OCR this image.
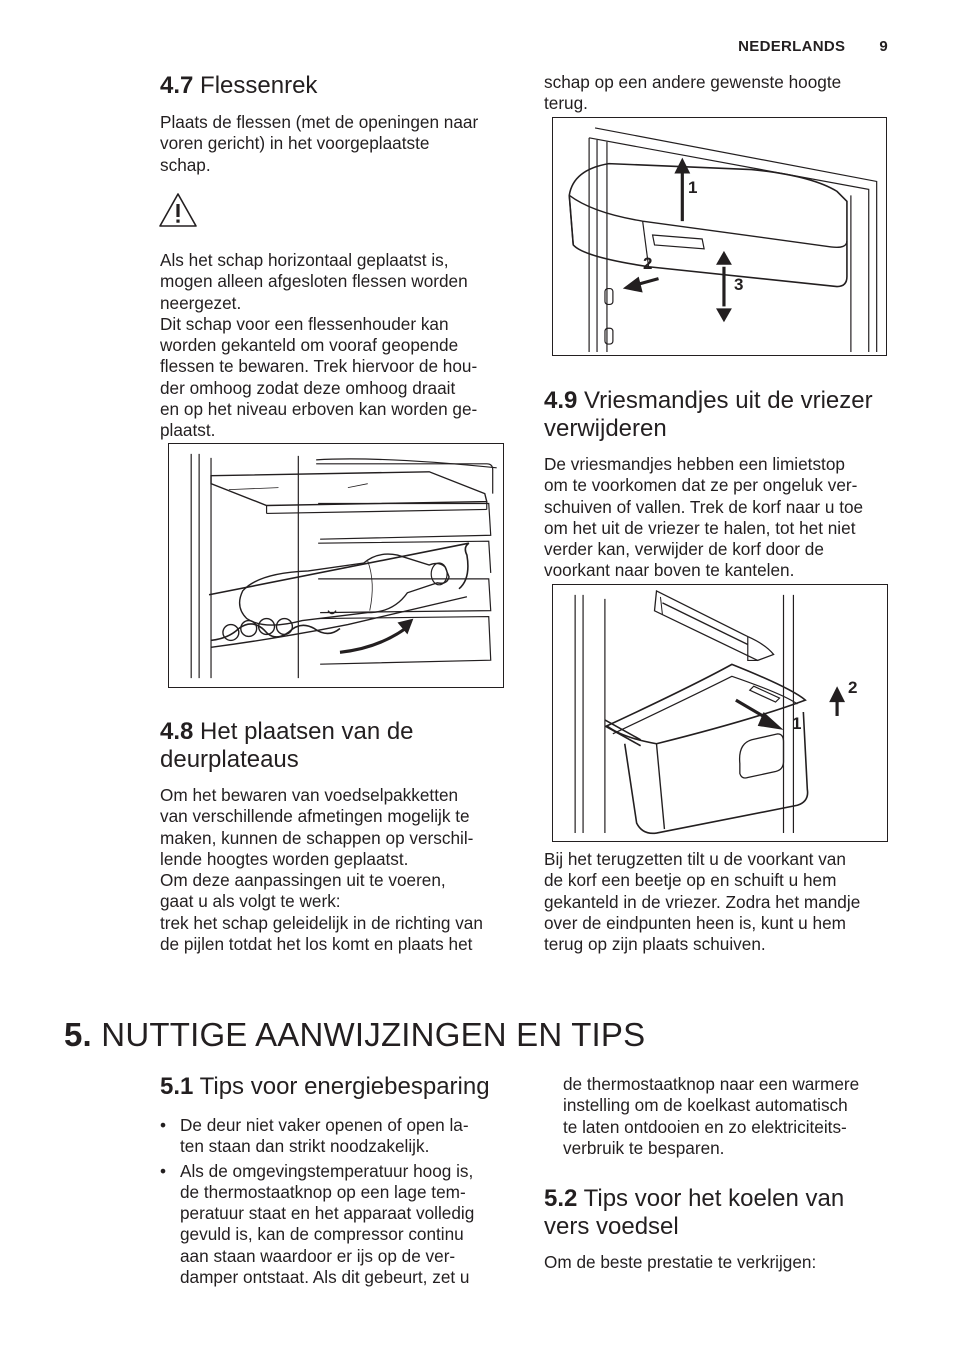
NEDERLANDS 9
4.7 Flessenrek
Plaats de flessen (met de openingen naar
voren gericht) in het voorgeplaatste
schap.
Als het schap horizontaal geplaatst is,
mogen alleen afgesloten flessen worden
neergezet.
Dit schap voor een flessenhouder kan
worden gekanteld om vooraf geopende
flessen te bewaren. Trek hiervoor de hou-
der omhoog zodat deze omhoog draait
en op het niveau erboven kan worden ge-
plaatst.
4.8 Het plaatsen van de
deurplateaus
Om het bewaren van voedselpakketten
van verschillende afmetingen mogelijk te
maken, kunnen de schappen op verschil-
lende hoogtes worden geplaatst.
Om deze aanpassingen uit te voeren,
gaat u als volgt te werk:
trek het schap geleidelijk in de richting van
de pijlen totdat het los komt en plaats het
schap op een andere gewenste hoogte
terug.
1
2
3
4.9 Vriesmandjes uit de vriezer
verwijderen
De vriesmandjes hebben een limietstop
om te voorkomen dat ze per ongeluk ver-
schuiven of vallen. Trek de korf naar u toe
om het uit de vriezer te halen, tot het niet
verder kan, verwijder de korf door de
voorkant naar boven te kantelen.
1
2
Bij het terugzetten tilt u de voorkant van
de korf een beetje op en schuift u hem
gekanteld in de vriezer. Zodra het mandje
over de eindpunten heen is, kunt u hem
terug op zijn plaats schuiven.
5. NUTTIGE AANWIJZINGEN EN TIPS
5.1 Tips voor energiebesparing
• De deur niet vaker openen of open la-
ten staan dan strikt noodzakelijk.
• Als de omgevingstemperatuur hoog is,
de thermostaatknop op een lage tem-
peratuur staat en het apparaat volledig
gevuld is, kan de compressor continu
aan staan waardoor er ijs op de ver-
damper ontstaat. Als dit gebeurt, zet u
de thermostaatknop naar een warmere
instelling om de koelkast automatisch
te laten ontdooien en zo elektriciteits-
verbruik te besparen.
5.2 Tips voor het koelen van
vers voedsel
Om de beste prestatie te verkrijgen:
